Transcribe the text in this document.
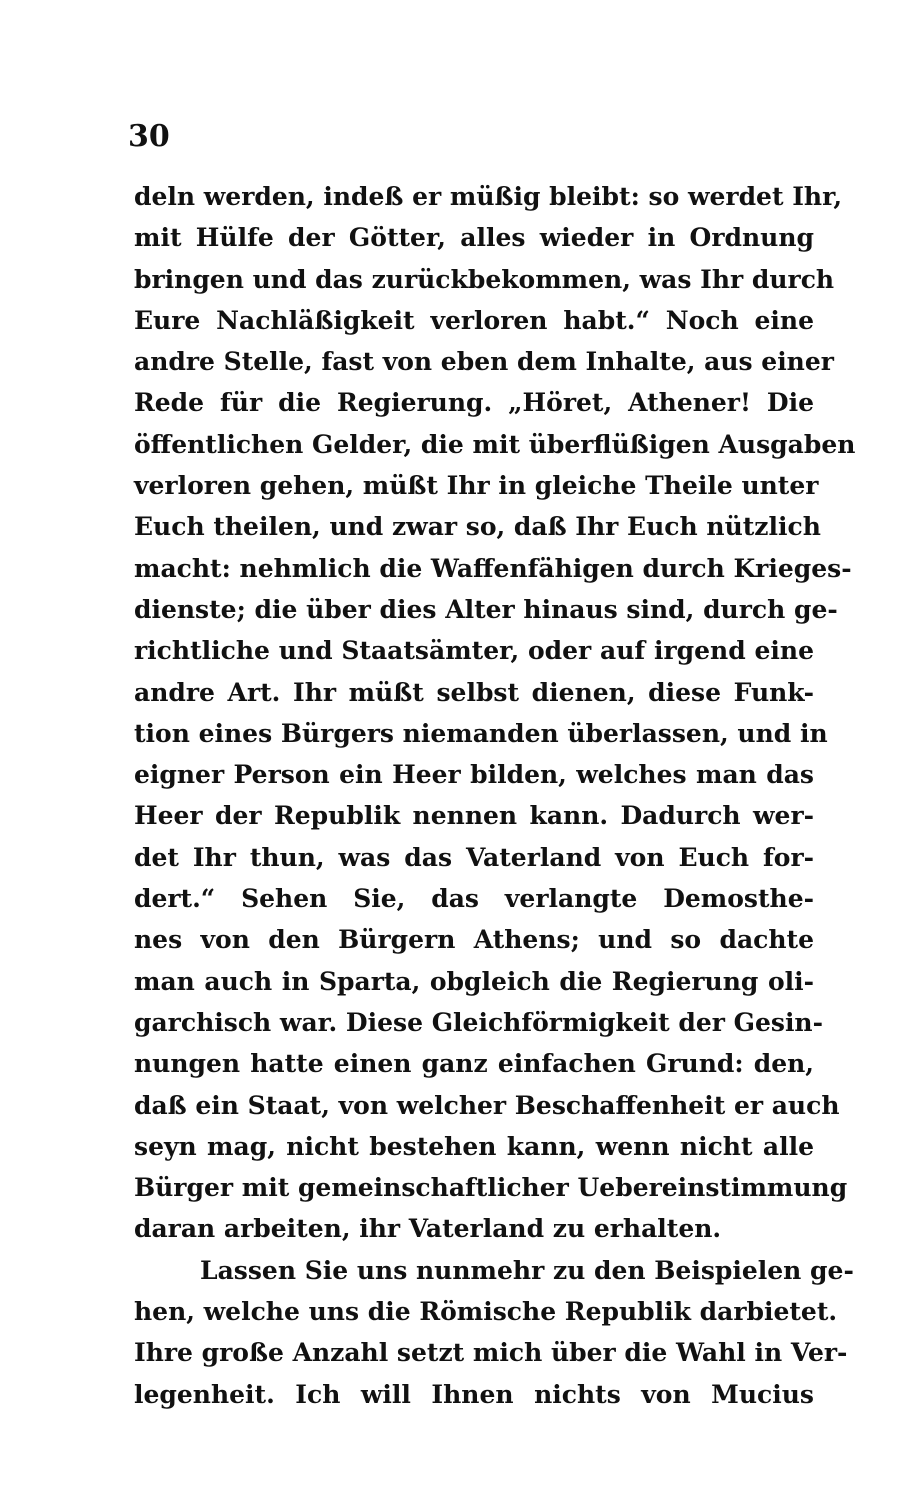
30
deln werden, indeß er müßig bleibt: so werdet Ihr,
mit Hülfe der Götter, alles wieder in Ordnung
bringen und das zurückbekommen, was Ihr durch
Eure Nachläßigkeit verloren habt.“ Noch eine
andre Stelle, fast von eben dem Inhalte, aus einer
Rede für die Regierung. „Höret, Athener! Die
öffentlichen Gelder, die mit überflüßigen Ausgaben
verloren gehen, müßt Ihr in gleiche Theile unter
Euch theilen, und zwar so, daß Ihr Euch nützlich
macht: nehmlich die Waffenfähigen durch Krieges-
dienste; die über dies Alter hinaus sind, durch ge-
richtliche und Staatsämter, oder auf irgend eine
andre Art. Ihr müßt selbst dienen, diese Funk-
tion eines Bürgers niemanden überlassen, und in
eigner Person ein Heer bilden, welches man das
Heer der Republik nennen kann. Dadurch wer-
det Ihr thun, was das Vaterland von Euch for-
dert.“ Sehen Sie, das verlangte Demosthe-
nes von den Bürgern Athens; und so dachte
man auch in Sparta, obgleich die Regierung oli-
garchisch war. Diese Gleichförmigkeit der Gesin-
nungen hatte einen ganz einfachen Grund: den,
daß ein Staat, von welcher Beschaffenheit er auch
seyn mag, nicht bestehen kann, wenn nicht alle
Bürger mit gemeinschaftlicher Uebereinstimmung
daran arbeiten, ihr Vaterland zu erhalten.
Lassen Sie uns nunmehr zu den Beispielen ge-
hen, welche uns die Römische Republik darbietet.
Ihre große Anzahl setzt mich über die Wahl in Ver-
legenheit. Ich will Ihnen nichts von Mucius
